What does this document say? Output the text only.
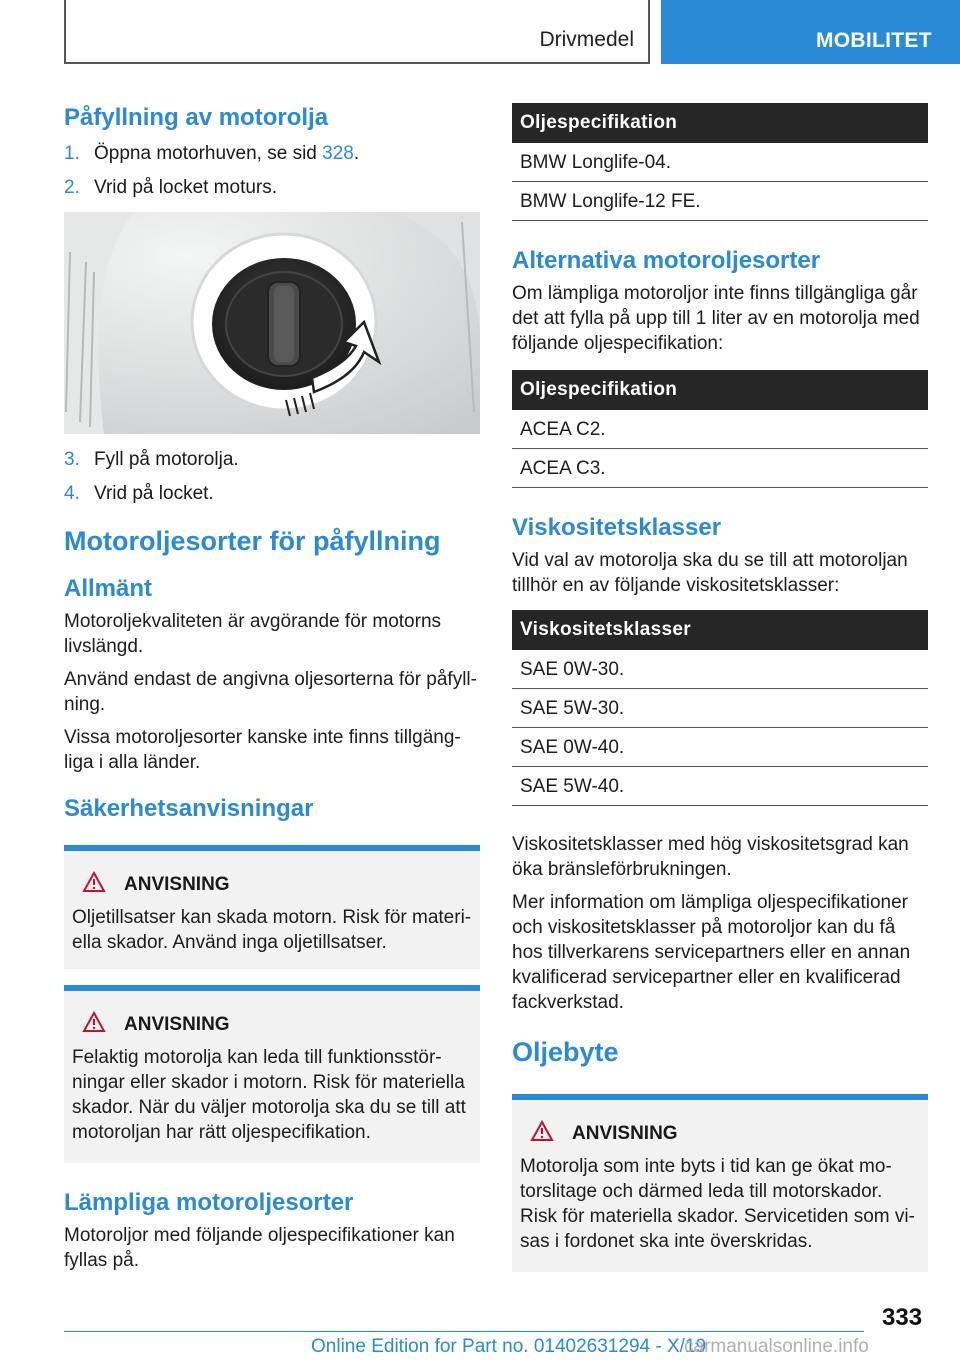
Drivmedel	MOBILITET
Påfyllning av motorolja
1. Öppna motorhuven, se sid 328.
2. Vrid på locket moturs.
3. Fyll på motorolja.
4. Vrid på locket.
Motoroljesorter för påfyllning
Allmänt

Motoroljekvaliteten är avgörande för motorns livslängd.

Använd endast de angivna oljesorterna för påfyll‐ning.

Vissa motoroljesorter kanske inte finns tillgäng‐liga i alla länder.

Säkerhetsanvisningar
ANVISNING

Oljetillsatser kan skada motorn. Risk för materi‐ella skador. Använd inga oljetillsatser.

ANVISNING

Felaktig motorolja kan leda till funktionsstör‐ningar eller skador i motorn. Risk för materiella skador. När du väljer motorolja ska du se till att motoroljan har rätt oljespecifikation.

Lämpliga motoroljesorter

Motoroljor med följande oljespecifikationer kan fyllas på.

Oljespecifikation
BMW Longlife-04.
BMW Longlife-12 FE.
Alternativa motoroljesorter

Om lämpliga motoroljor inte finns tillgängliga går det att fylla på upp till 1 liter av en motorolja med följande oljespecifikation:

Oljespecifikation
ACEA C2.
ACEA C3.
Viskositetsklasser

Vid val av motorolja ska du se till att motoroljan tillhör en av följande viskositetsklasser:

Viskositetsklasser
SAE 0W-30.
SAE 5W-30.
SAE 0W-40.
SAE 5W-40.

Viskositetsklasser med hög viskositetsgrad kan öka bränsleförbrukningen.

Mer information om lämpliga oljespecifikationer och viskositetsklasser på motoroljor kan du få hos tillverkarens servicepartners eller en annan kvalificerad servicepartner eller en kvalificerad fackverkstad.

Oljebyte
ANVISNING

Motorolja som inte byts i tid kan ge ökat mo‐torslitage och därmed leda till motorskador. Risk för materiella skador. Servicetiden som vi‐sas i fordonet ska inte överskridas.

333
Online Edition for Part no. 01402631294 - X/19
carmanualsonline.info
